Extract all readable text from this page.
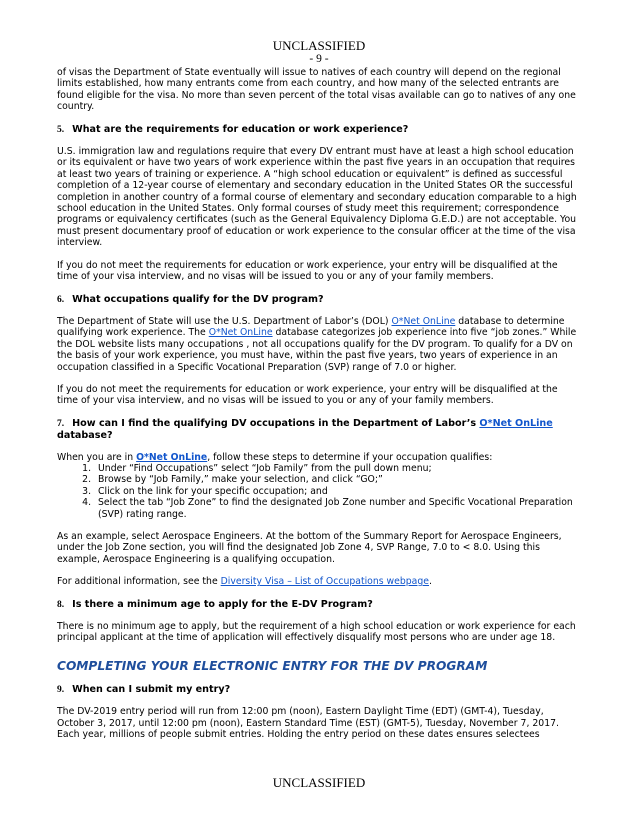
UNCLASSIFIED
- 9 -

of visas the Department of State eventually will issue to natives of each country will depend on the regional limits established, how many entrants come from each country, and how many of the selected entrants are found eligible for the visa. No more than seven percent of the total visas available can go to natives of any one country.

5. What are the requirements for education or work experience?

U.S. immigration law and regulations require that every DV entrant must have at least a high school education or its equivalent or have two years of work experience within the past five years in an occupation that requires at least two years of training or experience. A “high school education or equivalent” is defined as successful completion of a 12-year course of elementary and secondary education in the United States OR the successful completion in another country of a formal course of elementary and secondary education comparable to a high school education in the United States. Only formal courses of study meet this requirement; correspondence programs or equivalency certificates (such as the General Equivalency Diploma G.E.D.) are not acceptable. You must present documentary proof of education or work experience to the consular officer at the time of the visa interview.

If you do not meet the requirements for education or work experience, your entry will be disqualified at the time of your visa interview, and no visas will be issued to you or any of your family members.

6. What occupations qualify for the DV program?

The Department of State will use the U.S. Department of Labor’s (DOL) O*Net OnLine database to determine qualifying work experience. The O*Net OnLine database categorizes job experience into five “job zones.” While the DOL website lists many occupations , not all occupations qualify for the DV program. To qualify for a DV on the basis of your work experience, you must have, within the past five years, two years of experience in an occupation classified in a Specific Vocational Preparation (SVP) range of 7.0 or higher.

If you do not meet the requirements for education or work experience, your entry will be disqualified at the time of your visa interview, and no visas will be issued to you or any of your family members.

7. How can I find the qualifying DV occupations in the Department of Labor’s O*Net OnLine database?

When you are in O*Net OnLine, follow these steps to determine if your occupation qualifies:

1. Under “Find Occupations” select “Job Family” from the pull down menu;
2. Browse by “Job Family,” make your selection, and click “GO;”
3. Click on the link for your specific occupation; and
4. Select the tab “Job Zone” to find the designated Job Zone number and Specific Vocational Preparation (SVP) rating range.

As an example, select Aerospace Engineers. At the bottom of the Summary Report for Aerospace Engineers, under the Job Zone section, you will find the designated Job Zone 4, SVP Range, 7.0 to < 8.0. Using this example, Aerospace Engineering is a qualifying occupation.

For additional information, see the Diversity Visa – List of Occupations webpage.

8. Is there a minimum age to apply for the E-DV Program?

There is no minimum age to apply, but the requirement of a high school education or work experience for each principal applicant at the time of application will effectively disqualify most persons who are under age 18.

COMPLETING YOUR ELECTRONIC ENTRY FOR THE DV PROGRAM
9. When can I submit my entry?

The DV-2019 entry period will run from 12:00 pm (noon), Eastern Daylight Time (EDT) (GMT-4), Tuesday, October 3, 2017, until 12:00 pm (noon), Eastern Standard Time (EST) (GMT-5), Tuesday, November 7, 2017. Each year, millions of people submit entries. Holding the entry period on these dates ensures selectees

UNCLASSIFIED
